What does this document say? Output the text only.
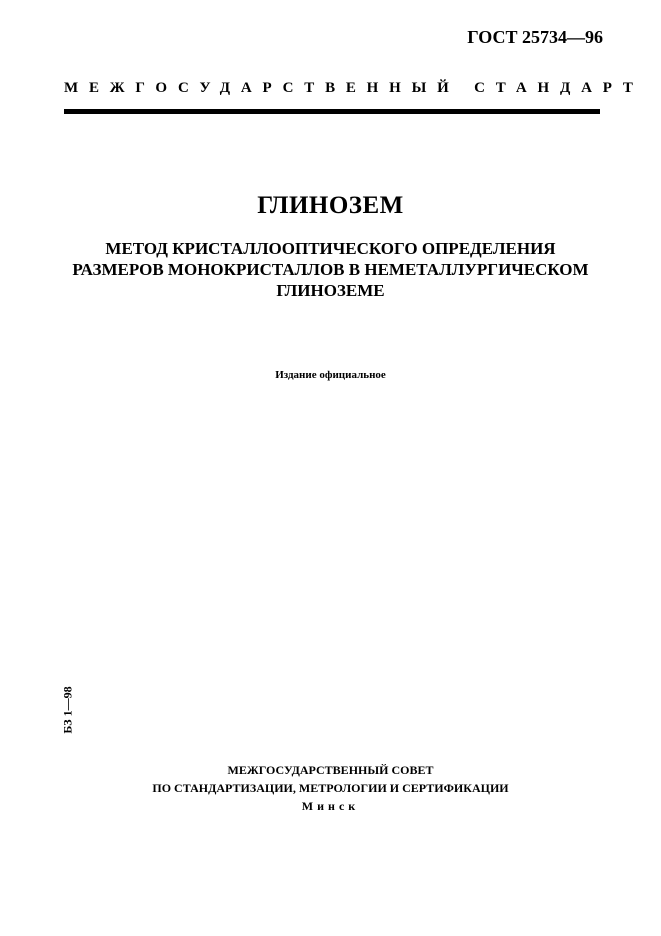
ГОСТ 25734—96
МЕЖГОСУДАРСТВЕННЫЙ СТАНДАРТ
ГЛИНОЗЕМ
МЕТОД КРИСТАЛЛООПТИЧЕСКОГО ОПРЕДЕЛЕНИЯ
РАЗМЕРОВ МОНОКРИСТАЛЛОВ В НЕМЕТАЛЛУРГИЧЕСКОМ
ГЛИНОЗЕМЕ
Издание официальное
БЗ 1—98
МЕЖГОСУДАРСТВЕННЫЙ СОВЕТ
ПО СТАНДАРТИЗАЦИИ, МЕТРОЛОГИИ И СЕРТИФИКАЦИИ
Минск
